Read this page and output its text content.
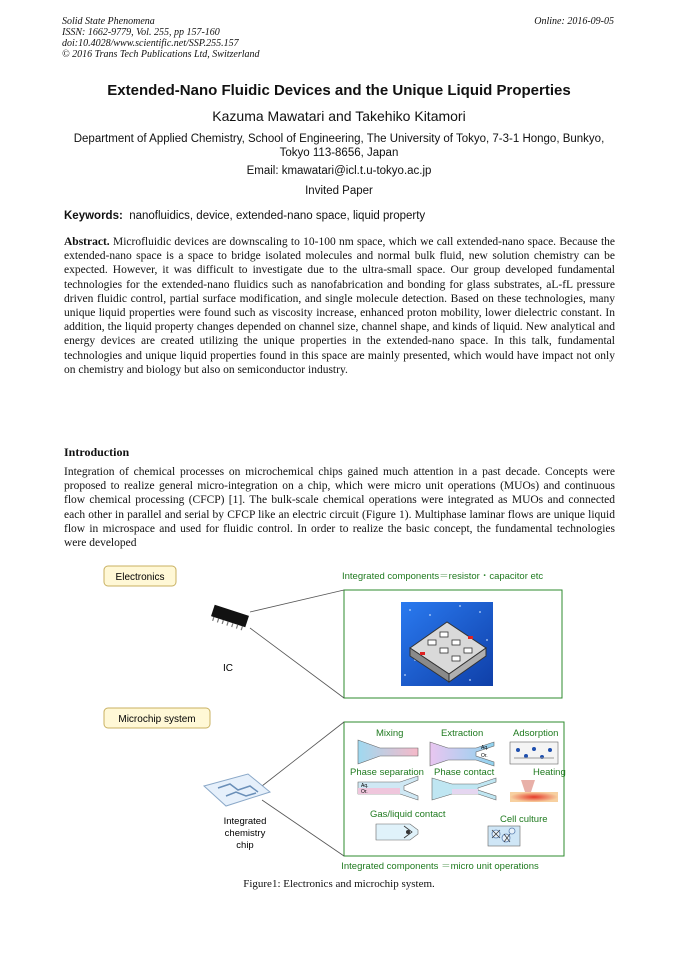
Solid State Phenomena
ISSN: 1662-9779, Vol. 255, pp 157-160
doi:10.4028/www.scientific.net/SSP.255.157
© 2016 Trans Tech Publications Ltd, Switzerland
Online: 2016-09-05
Extended-Nano Fluidic Devices and the Unique Liquid Properties
Kazuma Mawatari and Takehiko Kitamori
Department of Applied Chemistry, School of Engineering, The University of Tokyo, 7-3-1 Hongo, Bunkyo, Tokyo 113-8656, Japan
Email: kmawatari@icl.t.u-tokyo.ac.jp
Invited Paper
Keywords: nanofluidics, device, extended-nano space, liquid property
Abstract. Microfluidic devices are downscaling to 10-100 nm space, which we call extended-nano space. Because the extended-nano space is a space to bridge isolated molecules and normal bulk fluid, new solution chemistry can be expected. However, it was difficult to investigate due to the ultra-small space. Our group developed fundamental technologies for the extended-nano fluidics such as nanofabrication and bonding for glass substrates, aL-fL pressure driven fluidic control, partial surface modification, and single molecule detection. Based on these technologies, many unique liquid properties were found such as viscosity increase, enhanced proton mobility, lower dielectric constant. In addition, the liquid property changes depended on channel size, channel shape, and kinds of liquid. New analytical and energy devices are created utilizing the unique properties in the extended-nano space. In this talk, fundamental technologies and unique liquid properties found in this space are mainly presented, which would have impact not only on chemistry and biology but also on semiconductor industry.
Introduction
Integration of chemical processes on microchemical chips gained much attention in a past decade. Concepts were proposed to realize general micro-integration on a chip, which were micro unit operations (MUOs) and continuous flow chemical processing (CFCP) [1]. The bulk-scale chemical operations were integrated as MUOs and connected each other in parallel and serial by CFCP like an electric circuit (Figure 1). Multiphase laminar flows are unique liquid flow in microspace and used for fluidic control. In order to realize the basic concept, the fundamental technologies were developed
Electronics	Integrated components＝resistor・capacitor etc
IC
Microchip system
Integrated
chemistry
chip
Mixing	Extraction	Adsorption
Phase separation Phase contact	Heating
Gas/liquid contact	Cell culture
Aq.
Or.
Aq.
Or.
Integrated components ＝micro unit operations
Figure1: Electronics and microchip system.
